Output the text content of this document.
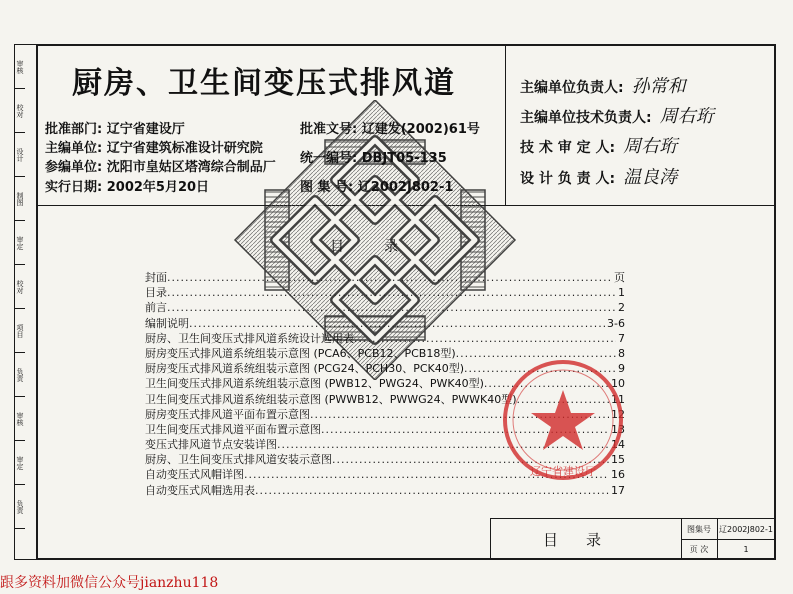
审核
校对
设计
制图
审定
校对
项目
负责
审核
审定
负责
厨房、卫生间变压式排风道
批准部门: 辽宁省建设厅
主编单位: 辽宁省建筑标准设计研究院
参编单位: 沈阳市皇姑区塔湾综合制品厂
实行日期: 2002年5月20日
批准文号: 辽建发(2002)61号
统一编号: DBJT05-135
图 集 号: 辽2002J802-1
主编单位负责人: 孙常和
主编单位技术负责人: 周右珩
技 术 审 定 人: 周右珩
设 计 负 责 人: 温良涛
目录
封面 .....	页
目录 .....	1
前言 .....	2
编制说明 .....	3-6
厨房、卫生间变压式排风道系统设计选用表 .....	7
厨房变压式排风道系统组装示意图 (PCA6、PCB12、PCB18型) .....	8
厨房变压式排风道系统组装示意图 (PCG24、PCH30、PCK40型) .....	9
卫生间变压式排风道系统组装示意图 (PWB12、PWG24、PWK40型) .....	10
卫生间变压式排风道系统组装示意图 (PWWB12、PWWG24、PWWK40型) .....	11
厨房变压式排风道平面布置示意图 .....	12
卫生间变压式排风道平面布置示意图 .....	13
变压式排风道节点安装详图 .....	14
厨房、卫生间变压式排风道安装示意图 .....	15
自动变压式风帽详图 .....	16
自动变压式风帽选用表 .....	17
辽宁省建设厅
目录
图集号	辽2002J802-1
页 次	1
跟多资料加微信公众号jianzhu118
